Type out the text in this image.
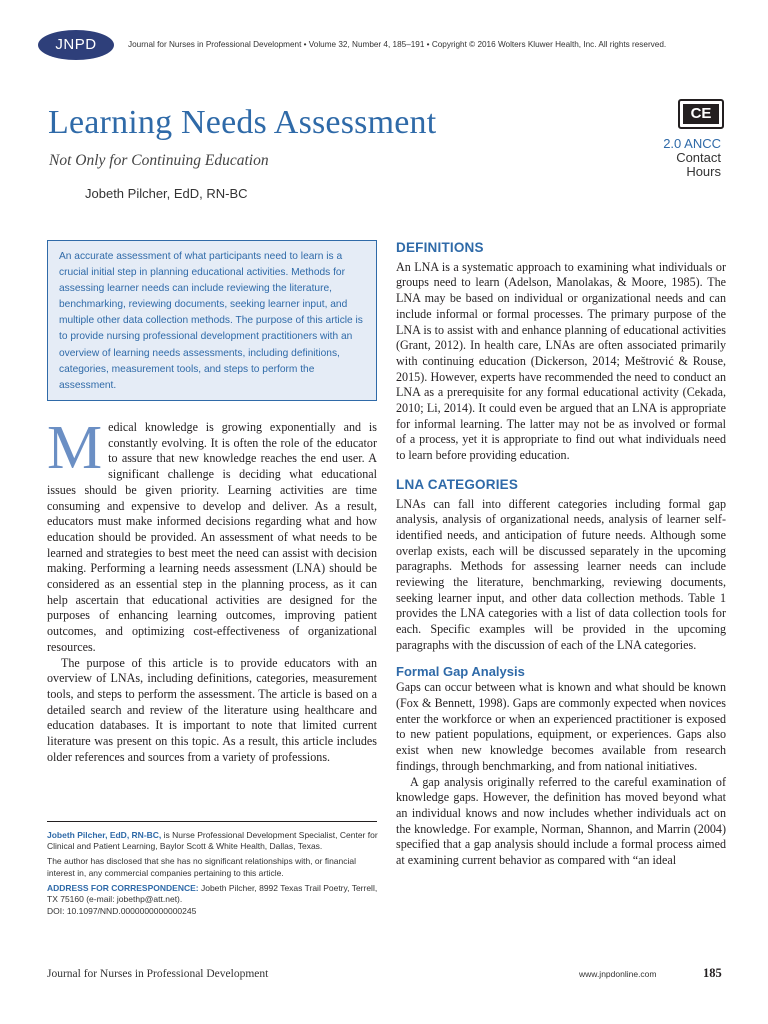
JNPD	Journal for Nurses in Professional Development • Volume 32, Number 4, 185–191 • Copyright © 2016 Wolters Kluwer Health, Inc. All rights reserved.
Learning Needs Assessment
Not Only for Continuing Education
Jobeth Pilcher, EdD, RN-BC
CE
2.0 ANCC
Contact
Hours
An accurate assessment of what participants need to learn is a crucial initial step in planning educational activities. Methods for assessing learner needs can include reviewing the literature, benchmarking, reviewing documents, seeking learner input, and multiple other data collection methods. The purpose of this article is to provide nursing professional development practitioners with an overview of learning needs assessments, including definitions, categories, measurement tools, and steps to perform the assessment.

Medical knowledge is growing exponentially and is constantly evolving. It is often the role of the educator to assure that new knowledge reaches the end user. A significant challenge is deciding what educational issues should be given priority. Learning activities are time consuming and expensive to develop and deliver. As a result, educators must make informed decisions regarding what and how education should be provided. An assessment of what needs to be learned and strategies to best meet the need can assist with decision making. Performing a learning needs assessment (LNA) should be considered as an essential step in the planning process, as it can help ascertain that educational activities are designed for the purposes of enhancing learning outcomes, improving patient outcomes, and optimizing cost-effectiveness of organizational resources.

The purpose of this article is to provide educators with an overview of LNAs, including definitions, categories, measurement tools, and steps to perform the assessment. The article is based on a detailed search and review of the literature using healthcare and education databases. It is important to note that limited current literature was present on this topic. As a result, this article includes older references and sources from a variety of professions.

Jobeth Pilcher, EdD, RN-BC, is Nurse Professional Development Specialist, Center for Clinical and Patient Learning, Baylor Scott & White Health, Dallas, Texas.

The author has disclosed that she has no significant relationships with, or financial interest in, any commercial companies pertaining to this article.

ADDRESS FOR CORRESPONDENCE: Jobeth Pilcher, 8992 Texas Trail Poetry, Terrell, TX 75160 (e-mail: jobethp@att.net).

DOI: 10.1097/NND.0000000000000245

DEFINITIONS

An LNA is a systematic approach to examining what individuals or groups need to learn (Adelson, Manolakas, & Moore, 1985). The LNA may be based on individual or organizational needs and can include informal or formal processes. The primary purpose of the LNA is to assist with and enhance planning of educational activities (Grant, 2012). In health care, LNAs are often associated primarily with continuing education (Dickerson, 2014; Meštrović & Rouse, 2015). However, experts have recommended the need to conduct an LNA as a prerequisite for any formal educational activity (Cekada, 2010; Li, 2014). It could even be argued that an LNA is appropriate for informal learning. The latter may not be as involved or formal of a process, yet it is appropriate to find out what individuals need to learn before providing education.

LNA CATEGORIES

LNAs can fall into different categories including formal gap analysis, analysis of organizational needs, analysis of learner self-identified needs, and anticipation of future needs. Although some overlap exists, each will be discussed separately in the upcoming paragraphs. Methods for assessing learner needs can include reviewing the literature, benchmarking, reviewing documents, seeking learner input, and other data collection methods. Table 1 provides the LNA categories with a list of data collection tools for each. Specific examples will be provided in the upcoming paragraphs with the discussion of each of the LNA categories.

Formal Gap Analysis

Gaps can occur between what is known and what should be known (Fox & Bennett, 1998). Gaps are commonly expected when novices enter the workforce or when an experienced practitioner is exposed to new patient populations, equipment, or experiences. Gaps also exist when new knowledge becomes available from research findings, through benchmarking, and from national initiatives.

A gap analysis originally referred to the careful examination of knowledge gaps. However, the definition has moved beyond what an individual knows and now includes whether individuals act on the knowledge. For example, Norman, Shannon, and Marrin (2004) specified that a gap analysis should include a formal process aimed at examining current behavior as compared with “an ideal

Journal for Nurses in Professional Development	www.jnpdonline.com	185
